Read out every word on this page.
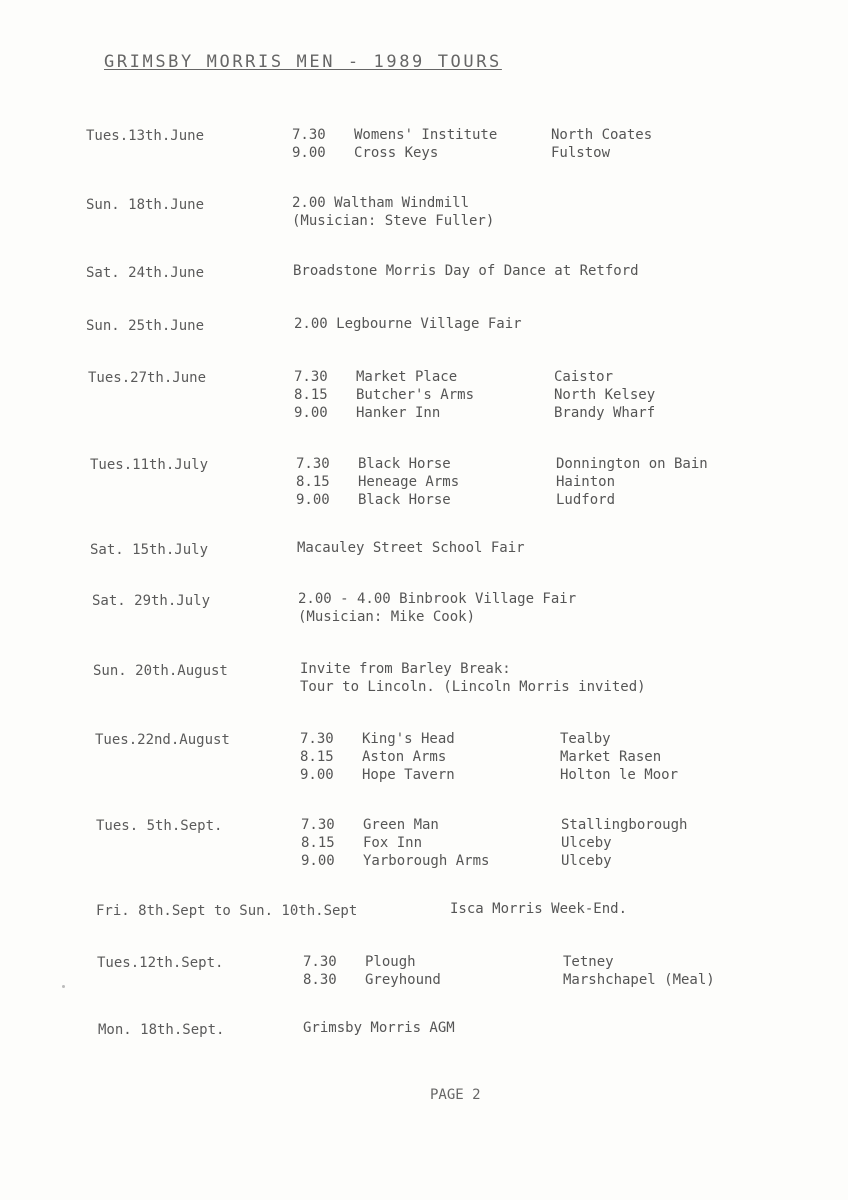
GRIMSBY MORRIS MEN - 1989 TOURS
Tues.13th.June	7.30 Womens' Institute	North Coates
9.00 Cross Keys	Fulstow
Sun. 18th.June	2.00 Waltham Windmill
(Musician: Steve Fuller)
Sat. 24th.June	Broadstone Morris Day of Dance at Retford
Sun. 25th.June	2.00 Legbourne Village Fair
Tues.27th.June	7.30 Market Place	Caistor
8.15 Butcher's Arms	North Kelsey
9.00 Hanker Inn	Brandy Wharf
Tues.11th.July	7.30 Black Horse	Donnington on Bain
8.15 Heneage Arms	Hainton
9.00 Black Horse	Ludford
Sat. 15th.July	Macauley Street School Fair
Sat. 29th.July	2.00 - 4.00 Binbrook Village Fair
(Musician: Mike Cook)
Sun. 20th.August	Invite from Barley Break:
Tour to Lincoln. (Lincoln Morris invited)
Tues.22nd.August	7.30 King's Head	Tealby
8.15 Aston Arms	Market Rasen
9.00 Hope Tavern	Holton le Moor
Tues. 5th.Sept.	7.30 Green Man	Stallingborough
8.15 Fox Inn	Ulceby
9.00 Yarborough Arms	Ulceby
Fri. 8th.Sept to Sun. 10th.Sept	Isca Morris Week-End.
Tues.12th.Sept.	7.30 Plough	Tetney
8.30 Greyhound	Marshchapel (Meal)
Mon. 18th.Sept.	Grimsby Morris AGM
PAGE 2
